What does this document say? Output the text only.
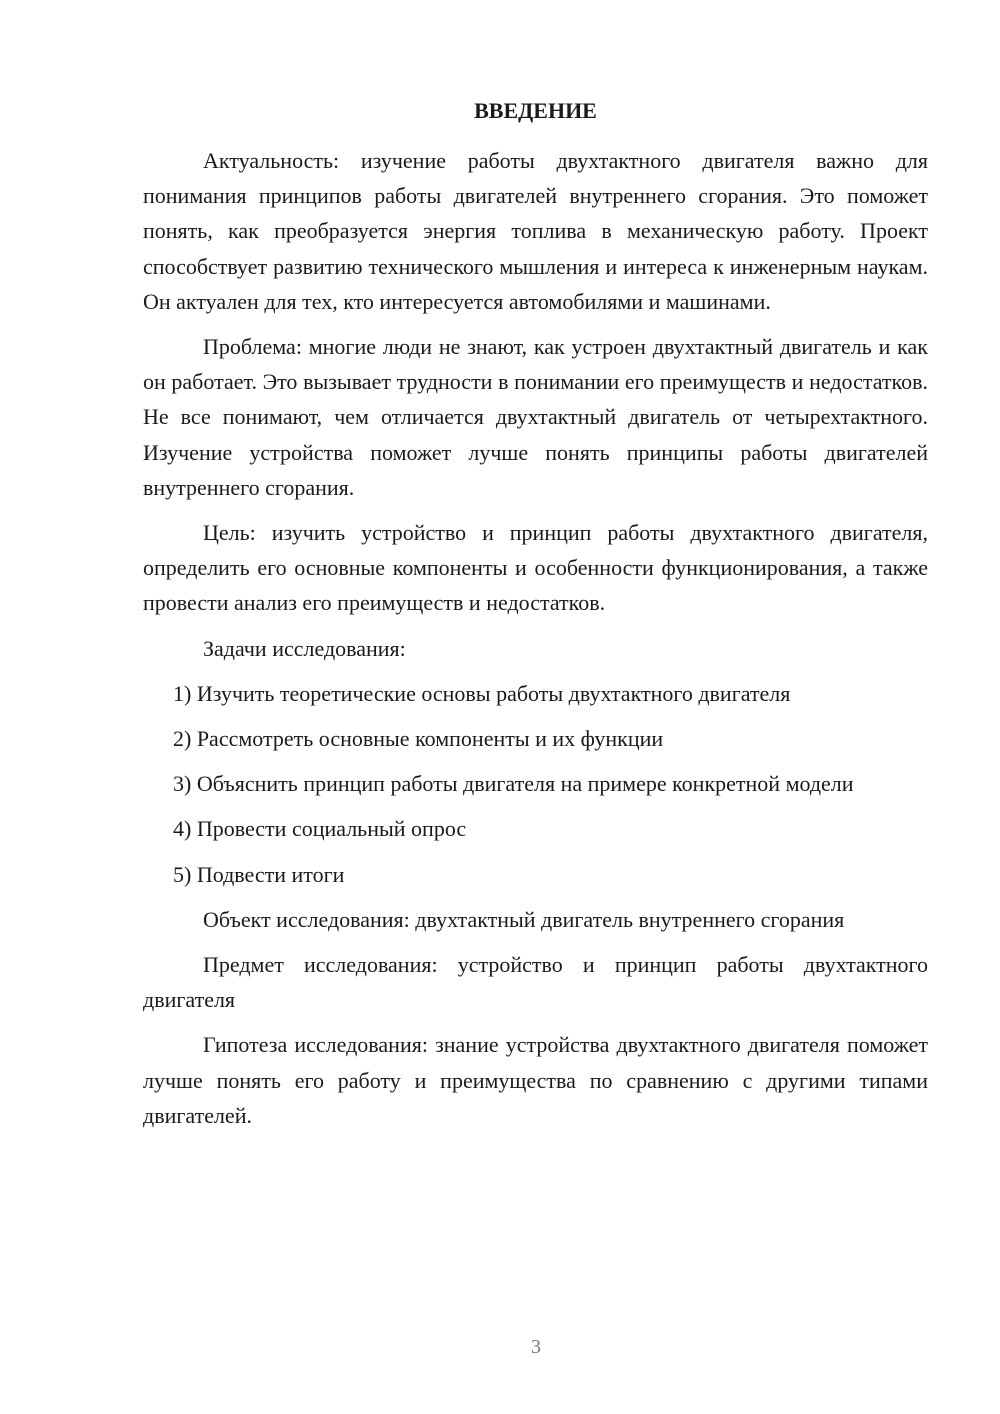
ВВЕДЕНИЕ

Актуальность: изучение работы двухтактного двигателя важно для понимания принципов работы двигателей внутреннего сгорания. Это поможет понять, как преобразуется энергия топлива в механическую работу. Проект способствует развитию технического мышления и интереса к инженерным наукам. Он актуален для тех, кто интересуется автомобилями и машинами.

Проблема: многие люди не знают, как устроен двухтактный двигатель и как он работает. Это вызывает трудности в понимании его преимуществ и недостатков. Не все понимают, чем отличается двухтактный двигатель от четырехтактного. Изучение устройства поможет лучше понять принципы работы двигателей внутреннего сгорания.

Цель: изучить устройство и принцип работы двухтактного двигателя, определить его основные компоненты и особенности функционирования, а также провести анализ его преимуществ и недостатков.

Задачи исследования:

1) Изучить теоретические основы работы двухтактного двигателя

2) Рассмотреть основные компоненты и их функции

3) Объяснить принцип работы двигателя на примере конкретной модели

4) Провести социальный опрос

5) Подвести итоги

Объект исследования: двухтактный двигатель внутреннего сгорания

Предмет исследования: устройство и принцип работы двухтактного двигателя

Гипотеза исследования: знание устройства двухтактного двигателя поможет лучше понять его работу и преимущества по сравнению с другими типами двигателей.

3
